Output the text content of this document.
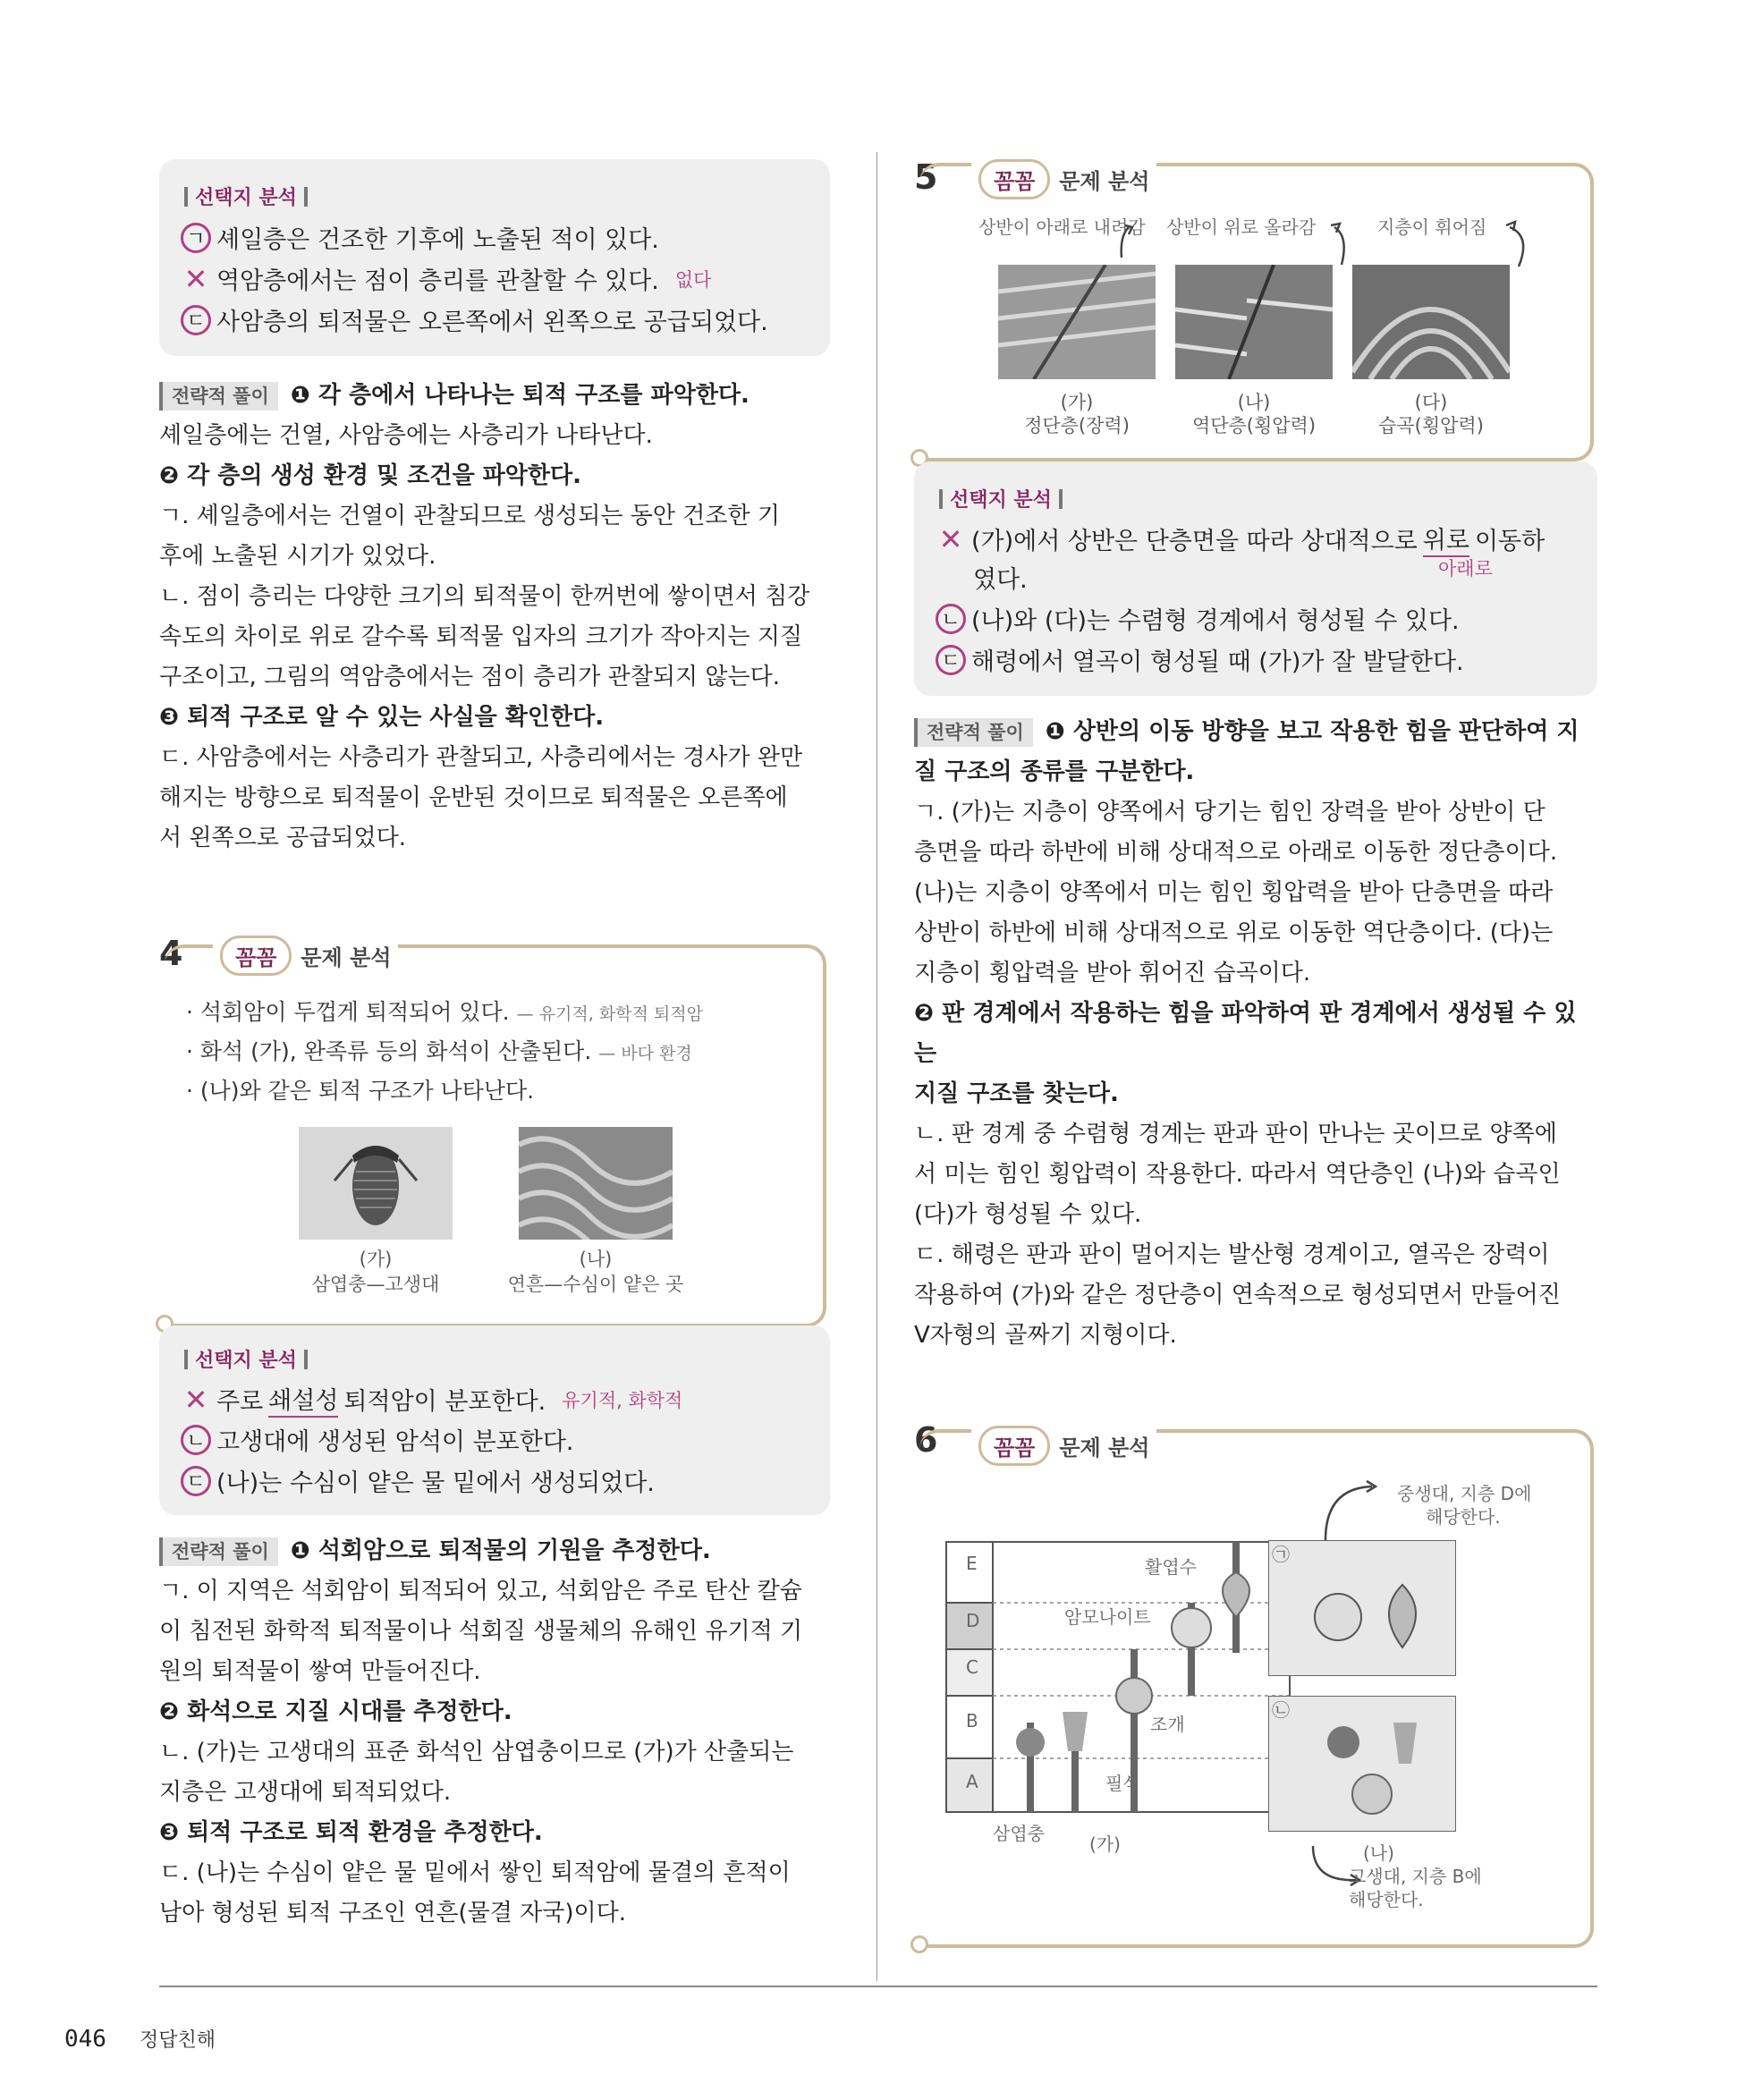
선택지 분석
ㄱ 셰일층은 건조한 기후에 노출된 적이 있다.
✕ 역암층에서는 점이 층리를 관찰할 수 있다. 없다
ㄷ 사암층의 퇴적물은 오른쪽에서 왼쪽으로 공급되었다.

전략적 풀이 ❶ 각 층에서 나타나는 퇴적 구조를 파악한다.

셰일층에는 건열, 사암층에는 사층리가 나타난다.

❷ 각 층의 생성 환경 및 조건을 파악한다.

ㄱ. 셰일층에서는 건열이 관찰되므로 생성되는 동안 건조한 기

후에 노출된 시기가 있었다.

ㄴ. 점이 층리는 다양한 크기의 퇴적물이 한꺼번에 쌓이면서 침강

속도의 차이로 위로 갈수록 퇴적물 입자의 크기가 작아지는 지질

구조이고, 그림의 역암층에서는 점이 층리가 관찰되지 않는다.

❸ 퇴적 구조로 알 수 있는 사실을 확인한다.

ㄷ. 사암층에서는 사층리가 관찰되고, 사층리에서는 경사가 완만

해지는 방향으로 퇴적물이 운반된 것이므로 퇴적물은 오른쪽에

서 왼쪽으로 공급되었다.

4	꼼꼼	문제 분석
· 석회암이 두껍게 퇴적되어 있다. — 유기적, 화학적 퇴적암
· 화석 (가), 완족류 등의 화석이 산출된다. — 바다 환경
· (나)와 같은 퇴적 구조가 나타난다.
(가)
삼엽충—고생대
(나)
연흔—수심이 얕은 곳
선택지 분석
✕ 주로 쇄설성 퇴적암이 분포한다. 유기적, 화학적
ㄴ 고생대에 생성된 암석이 분포한다.
ㄷ (나)는 수심이 얕은 물 밑에서 생성되었다.

전략적 풀이 ❶ 석회암으로 퇴적물의 기원을 추정한다.

ㄱ. 이 지역은 석회암이 퇴적되어 있고, 석회암은 주로 탄산 칼슘

이 침전된 화학적 퇴적물이나 석회질 생물체의 유해인 유기적 기

원의 퇴적물이 쌓여 만들어진다.

❷ 화석으로 지질 시대를 추정한다.

ㄴ. (가)는 고생대의 표준 화석인 삼엽충이므로 (가)가 산출되는

지층은 고생대에 퇴적되었다.

❸ 퇴적 구조로 퇴적 환경을 추정한다.

ㄷ. (나)는 수심이 얕은 물 밑에서 쌓인 퇴적암에 물결의 흔적이

남아 형성된 퇴적 구조인 연흔(물결 자국)이다.

5	꼼꼼	문제 분석
상반이 아래로 내려감 상반이 위로 올라감	지층이 휘어짐
(가)
정단층(장력)
(나)
역단층(횡압력)
(다)
습곡(횡압력)
선택지 분석
✕ (가)에서 상반은 단층면을 따라 상대적으로 위로 이동하
아래로
였다.
ㄴ (나)와 (다)는 수렴형 경계에서 형성될 수 있다.
ㄷ 해령에서 열곡이 형성될 때 (가)가 잘 발달한다.

전략적 풀이 ❶ 상반의 이동 방향을 보고 작용한 힘을 판단하여 지

질 구조의 종류를 구분한다.

ㄱ. (가)는 지층이 양쪽에서 당기는 힘인 장력을 받아 상반이 단

층면을 따라 하반에 비해 상대적으로 아래로 이동한 정단층이다.

(나)는 지층이 양쪽에서 미는 힘인 횡압력을 받아 단층면을 따라

상반이 하반에 비해 상대적으로 위로 이동한 역단층이다. (다)는

지층이 횡압력을 받아 휘어진 습곡이다.

❷ 판 경계에서 작용하는 힘을 파악하여 판 경계에서 생성될 수 있는

지질 구조를 찾는다.

ㄴ. 판 경계 중 수렴형 경계는 판과 판이 만나는 곳이므로 양쪽에

서 미는 힘인 횡압력이 작용한다. 따라서 역단층인 (나)와 습곡인

(다)가 형성될 수 있다.

ㄷ. 해령은 판과 판이 멀어지는 발산형 경계이고, 열곡은 장력이

작용하여 (가)와 같은 정단층이 연속적으로 형성되면서 만들어진

V자형의 골짜기 지형이다.

6	꼼꼼	문제 분석
E
D
C
B
A
활엽수
암모나이트
조개
필석
삼엽충	(가)
㉠
㉡
중생대, 지층 D에
해당한다.
(나)
고생대, 지층 B에
해당한다.
046 정답친해
